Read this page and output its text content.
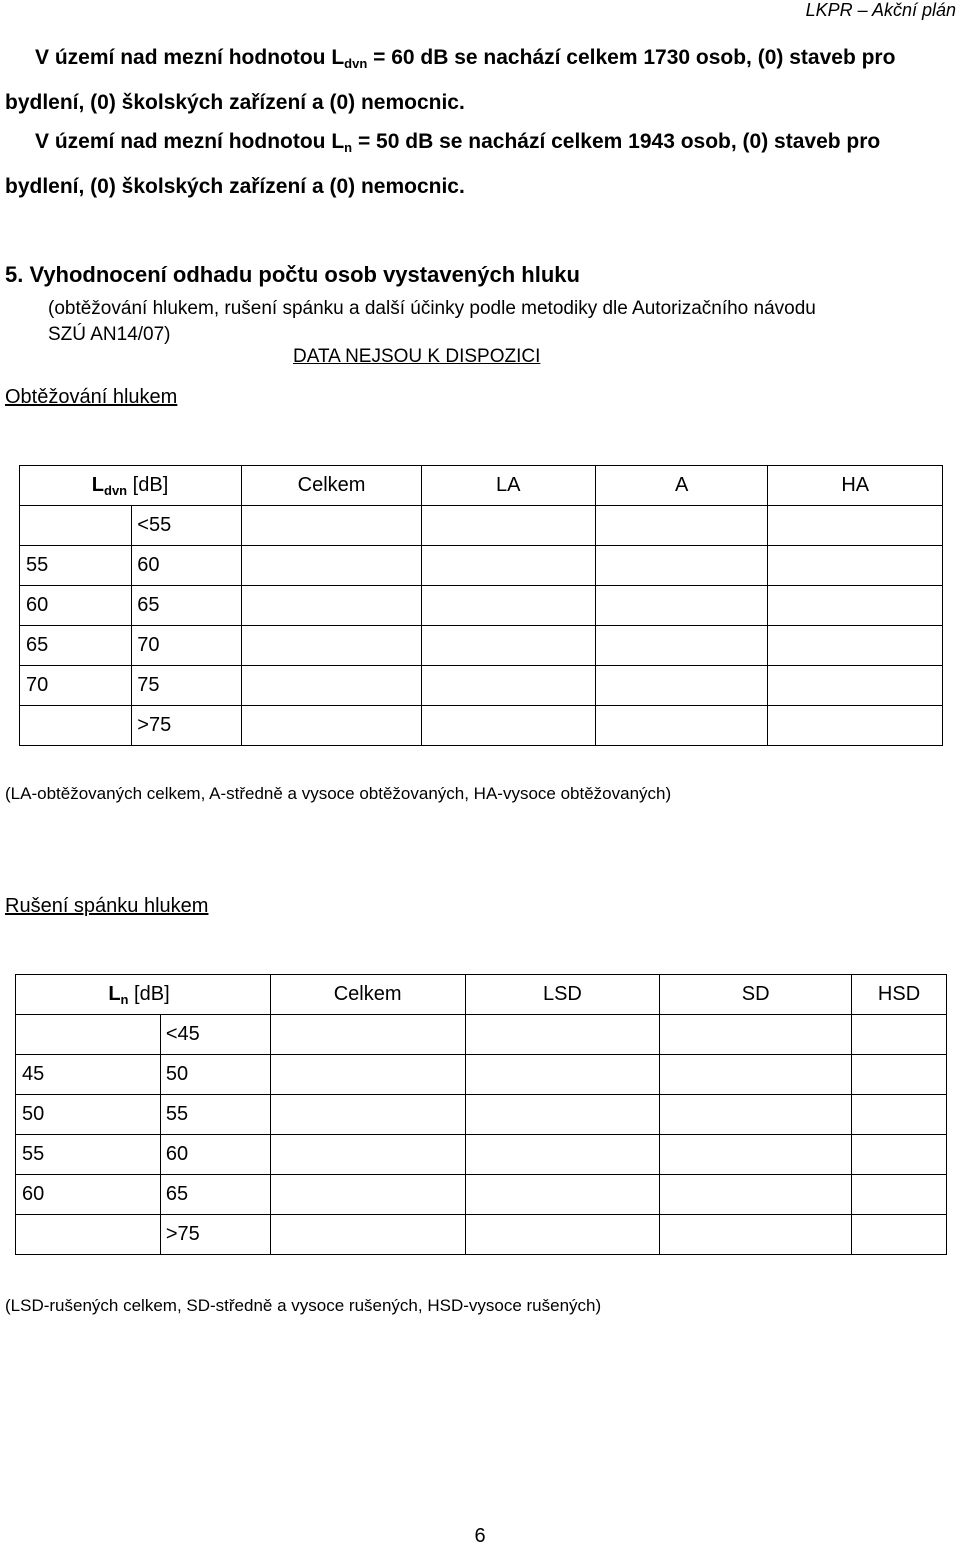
LKPR – Akční plán

V území nad mezní hodnotou $L_{dvn} = 60$ dB se nachází celkem 1730 osob, (0) staveb pro

bydlení, (0) školských zařízení a (0) nemocnic.

V území nad mezní hodnotou $L_n = 50$ dB se nachází celkem 1943 osob, (0) staveb pro

bydlení, (0) školských zařízení a (0) nemocnic.

5. Vyhodnocení odhadu počtu osob vystavených hluku
(obtěžování hlukem, rušení spánku a další účinky podle metodiky dle Autorizačního návodu
SZÚ AN14/07)
DATA NEJSOU K DISPOZICI
Obtěžování hlukem
	$L_{dvn}$ [dB]	Celkem	LA	A	HA
	<55				
55	60				
60	65				
65	70				
70	75				
	>75				
(LA-obtěžovaných celkem, A-středně a vysoce obtěžovaných, HA-vysoce obtěžovaných)
Rušení spánku hlukem
	$L_n$ [dB]	Celkem	LSD	SD	HSD
	<45				
45	50				
50	55				
55	60				
60	65				
	>75				
(LSD-rušených celkem, SD-středně a vysoce rušených, HSD-vysoce rušených)
6
